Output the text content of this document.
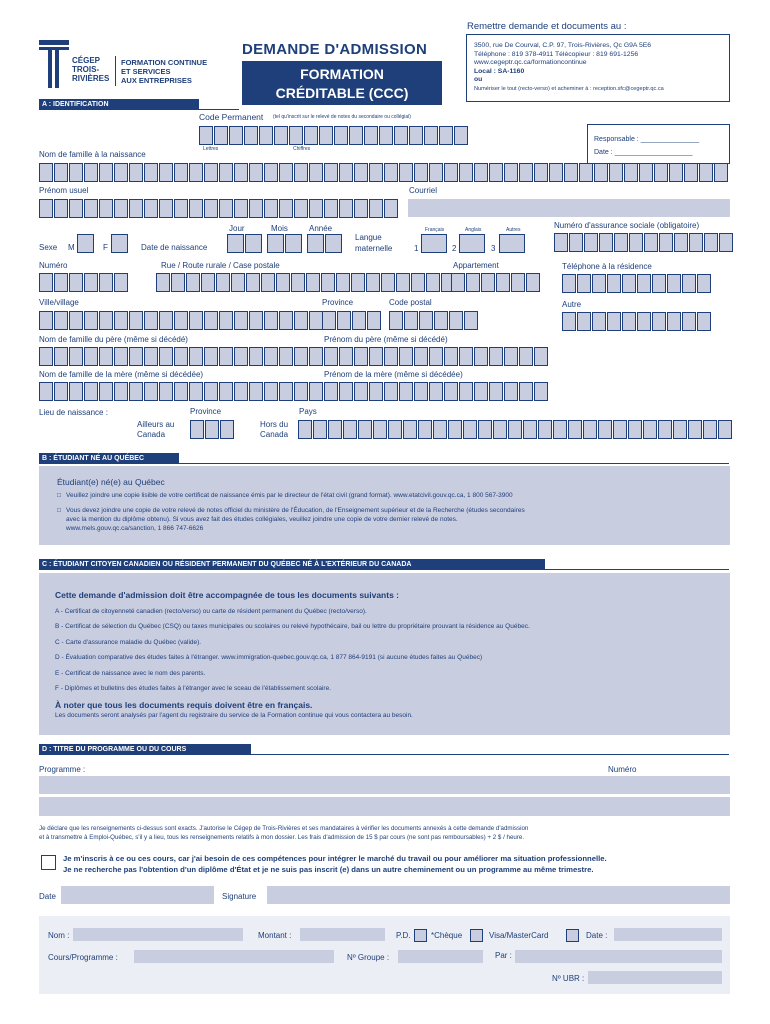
CÉGEP
TROIS-
RIVIÈRES
FORMATION CONTINUE
ET SERVICES
AUX ENTREPRISES
DEMANDE D'ADMISSION
FORMATION
CRÉDITABLE (CCC)
Remettre demande et documents au :
3500, rue De Courval, C.P. 97, Trois-Rivières, Qc G9A 5E6
Téléphone : 819 378-4911 Télécopieur : 819 691-1256
www.cegeptr.qc.ca/formationcontinue
Local : SA-1160
ou
Numériser le tout (recto-verso) et acheminer à : reception.sfc@cegeptr.qc.ca
A : IDENTIFICATION
Code Permanent (tel qu'inscrit sur le relevé de notes du secondaire ou collégial)
Lettres	Chiffres
Responsable : _______________
Date : ____________________
Nom de famille à la naissance
Prénom usuel	Courriel
Jour	Mois	Année
Sexe M	F	Date de naissance
Langue
maternelle
Français	Anglais	Autres
1	2	3
Numéro d'assurance sociale (obligatoire)
Numéro	Rue / Route rurale / Case postale	Appartement	Téléphone à la résidence
Ville/village	Province	Code postal	Autre
Nom de famille du père (même si décédé)	Prénom du père (même si décédé)
Nom de famille de la mère (même si décédée)	Prénom de la mère (même si décédée)
Lieu de naissance :	Province	Pays
Ailleurs au
Canada
Hors du
Canada
B : ÉTUDIANT NÉ AU QUÉBEC
Étudiant(e) né(e) au Québec
□ Veuillez joindre une copie lisible de votre certificat de naissance émis par le directeur de l'état civil (grand format). www.etatcivil.gouv.qc.ca, 1 800 567-3900
□ Vous devez joindre une copie de votre relevé de notes officiel du ministère de l'Éducation, de l'Enseignement supérieur et de la Recherche (études secondaires
avec la mention du diplôme obtenu). Si vous avez fait des études collégiales, veuillez joindre une copie de votre dernier relevé de notes.
www.mels.gouv.qc.ca/sanction, 1 866 747-6626
C : ÉTUDIANT CITOYEN CANADIEN OU RÉSIDENT PERMANENT DU QUÉBEC NÉ À L'EXTÉRIEUR DU CANADA
Cette demande d'admission doit être accompagnée de tous les documents suivants :
A - Certificat de citoyenneté canadien (recto/verso) ou carte de résident permanent du Québec (recto/verso).
B - Certificat de sélection du Québec (CSQ) ou taxes municipales ou scolaires ou relevé hypothécaire, bail ou lettre du propriétaire prouvant la résidence au Québec.
C - Carte d'assurance maladie du Québec (valide).
D - Évaluation comparative des études faites à l'étranger. www.immigration-quebec.gouv.qc.ca, 1 877 864-9191 (si aucune études faites au Québec)
E - Certificat de naissance avec le nom des parents.
F - Diplômes et bulletins des études faites à l'étranger avec le sceau de l'établissement scolaire.
À noter que tous les documents requis doivent être en français.
Les documents seront analysés par l'agent du registraire du service de la Formation continue qui vous contactera au besoin.
D : TITRE DU PROGRAMME OU DU COURS
Programme :	Numéro
Je déclare que les renseignements ci-dessus sont exacts. J'autorise le Cégep de Trois-Rivières et ses mandataires à vérifier les documents annexés à cette demande d'admission
et à transmettre à Emploi-Québec, s'il y a lieu, tous les renseignements relatifs à mon dossier. Les frais d'admission de 15 $ par cours (ne sont pas remboursables) + 2 $ / heure.
Je m'inscris à ce ou ces cours, car j'ai besoin de ces compétences pour intégrer le marché du travail ou pour améliorer ma situation professionnelle.
Je ne recherche pas l'obtention d'un diplôme d'État et je ne suis pas inscrit (e) dans un autre cheminement ou un programme au même trimestre.
Date	Signature
Nom :	Montant :	P.D.	*Chèque	Visa/MasterCard	Date :
Cours/Programme :	Nº Groupe :	Par :
Nº UBR :
